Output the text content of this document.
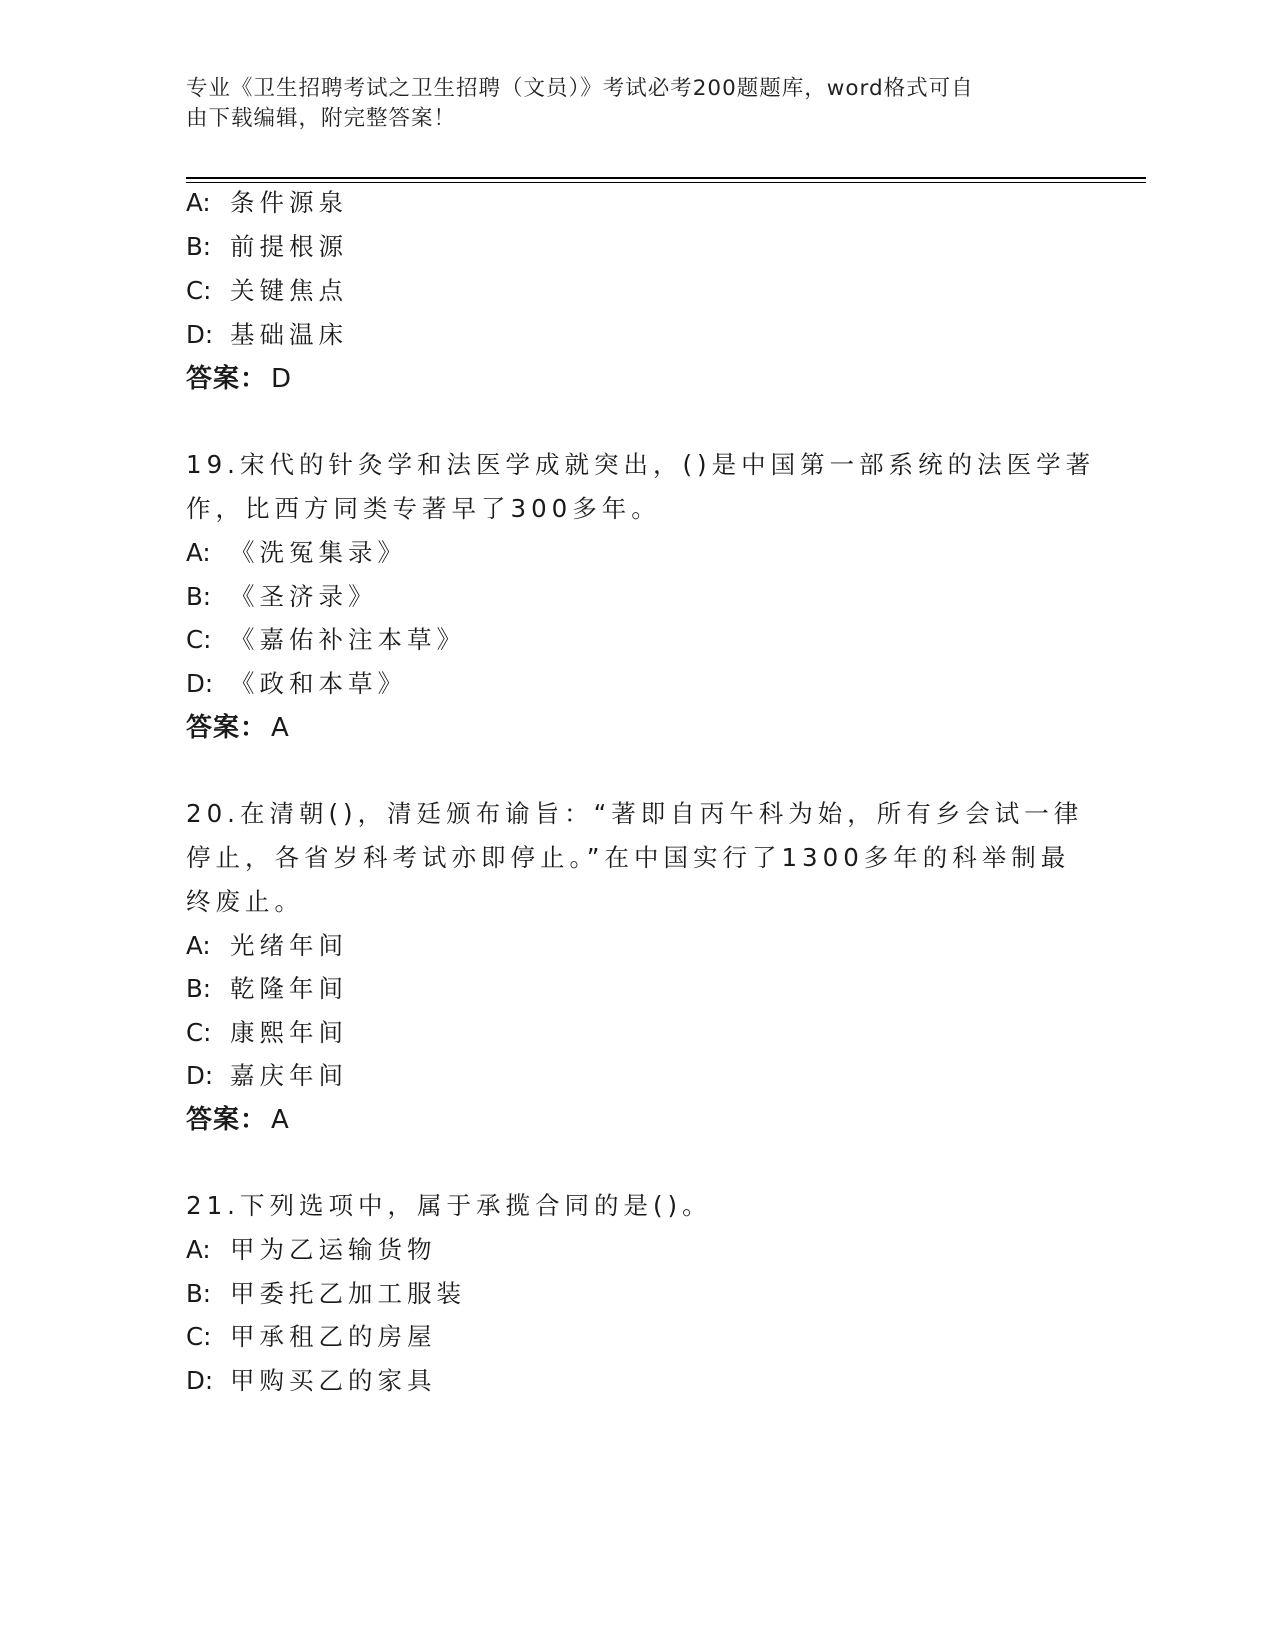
专业《卫生招聘考试之卫生招聘（文员）》考试必考200题题库，word格式可自
由下载编辑，附完整答案！
A: 条件源泉
B: 前提根源
C: 关键焦点
D: 基础温床
答案： D
19.宋代的针灸学和法医学成就突出，()是中国第一部系统的法医学著
作，比西方同类专著早了300多年。
A: 《洗冤集录》
B: 《圣济录》
C: 《嘉佑补注本草》
D: 《政和本草》
答案： A
20.在清朝()，清廷颁布谕旨：“著即自丙午科为始，所有乡会试一律
停止，各省岁科考试亦即停止。”在中国实行了1300多年的科举制最
终废止。
A: 光绪年间
B: 乾隆年间
C: 康熙年间
D: 嘉庆年间
答案： A
21.下列选项中，属于承揽合同的是()。
A: 甲为乙运输货物
B: 甲委托乙加工服装
C: 甲承租乙的房屋
D: 甲购买乙的家具
